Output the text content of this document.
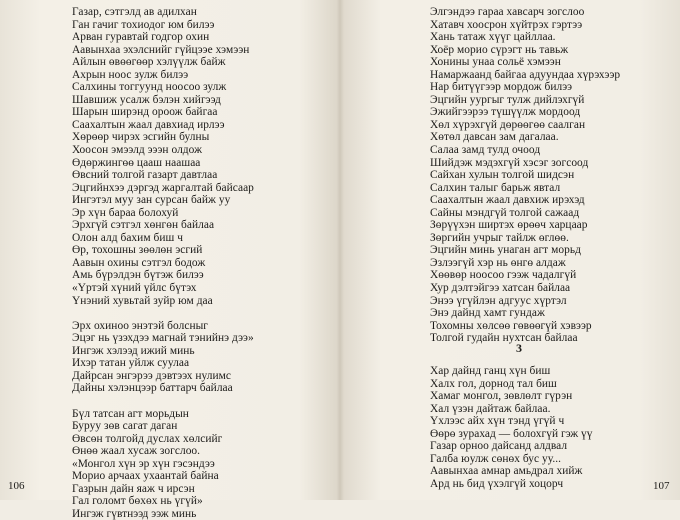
Газар, сэтгэлд ав адилхан
Ган гачиг тохиодог юм билээ
Арван гуравтай годгор охин
Аавынхаа эхэлснийг гүйцээе хэмээн
Айлын өвөөгөөр хэлүүлж байж
Ахрын ноос зулж билээ
Салхины тоггуунд ноосоо зулж
Шавшиж усалж бэлэн хийгээд
Шарын ширэнд ороож байгаа
Саахалтын жаал давхиад ирлээ
Хөрөөр чирэх эсгийн булны
Хоосон эмээлд эээн олдож
Өдөржингөө цааш наашаа
Өвсний толгой газарт давтлаа
Эцгийнхээ дэргэд жаргалтай байсаар
Ингэтэл муу зан сурсан байж уу
Эр хүн бараа болохуй
Эрхгүй сэтгэл хөнгөн байлаа
Олон алд бахим биш ч
Өр, тохошны зөөлөн эсгий
Аавын охины сэтгэл бодож
Амь бүрэлдэн бүтэж билээ
«Үртэй хүний үйлс бүтэх
Үнэний хувьтай зуйр юм даа
Эрх охиноо энэтэй болсныг
Эцэг нь үзэхдээ магнай тэнийнэ дээ»
Ингэж хэлээд ижий минь
Ихэр татан уйлж суулаа
Дайрсан энгэрээ дэвтээх нулимс
Дайны хэлэнцээр баттарч байлаа
Бүл татсан агт морьдын
Буруу зөв сагат даган
Өвсөн толгойд дуслах хөлсийг
Өнөө жаал хусаж зогслоо.
«Монгол хүн эр хүн гэсэндээ
Морио арчаах ухаантай байна
Газрын дайн яаж ч ирсэн
Гал голомт бөхөх нь үгүй»
Ингэж гүвтнээд ээж минь
Элгэндээ гараа хавсарч зогслоо
Хатавч хоосрон хүйтрэх гэртээ
Хань татаж хүүг цайллаа.
Хоёр морио сүрэгт нь тавьж
Хонины унаа сольё хэмээн
Намаржаанд байгаа адуундаа хүрэхээр
Нар битүүгээр мордож билээ
Эцгийн уургыг тулж дийлэхгүй
Эжийгээрээ түшүүлж мордоод
Хөл хүрэхгүй дөрөөгөө саалган
Хөтөл давсан зам дагалаа.
Салаа замд тулд очоод
Шийдэж мэдэхгүй хэсэг зогсоод
Сайхан хулын толгой шидсэн
Салхин талыг барьж явтал
Саахалтын жаал давхиж ирэхэд
Сайны мэндгүй толгой сажаад
Зөрүүхэн ширтэх өрөөч харцаар
Зөргийн учрыг тайлж өглөө.
Эцгийн минь унаган агт морьд
Эзлээгүй хэр нь өнгө алдаж
Хөөвөр ноосоо гээж чадалгүй
Хур дэлтэйгээ хатсан байлаа
Энээ үгүйлэн адгуус хүртэл
Энэ дайнд хамт гундаж
Тохомны хөлсөө гөвөөгүй хэвээр
Толгой гудайн нухтсан байлаа
Хар дайнд ганц хүн биш
Халх гол, дорнод тал биш
Хамаг монгол, зөвлөлт гүрэн
Хал үзэн дайтаж байлаа.
Үхлээс айх хүн тэнд үгүй ч
Өөрө зурахад — болохгүй гэж үү
Газар орноо дайсанд алдвал
Галба юулж сөнөх бус уу...
Аавынхаа амнар амьдрал хийж
Ард нь бид үхэлгүй хоцорч
3
106	107
